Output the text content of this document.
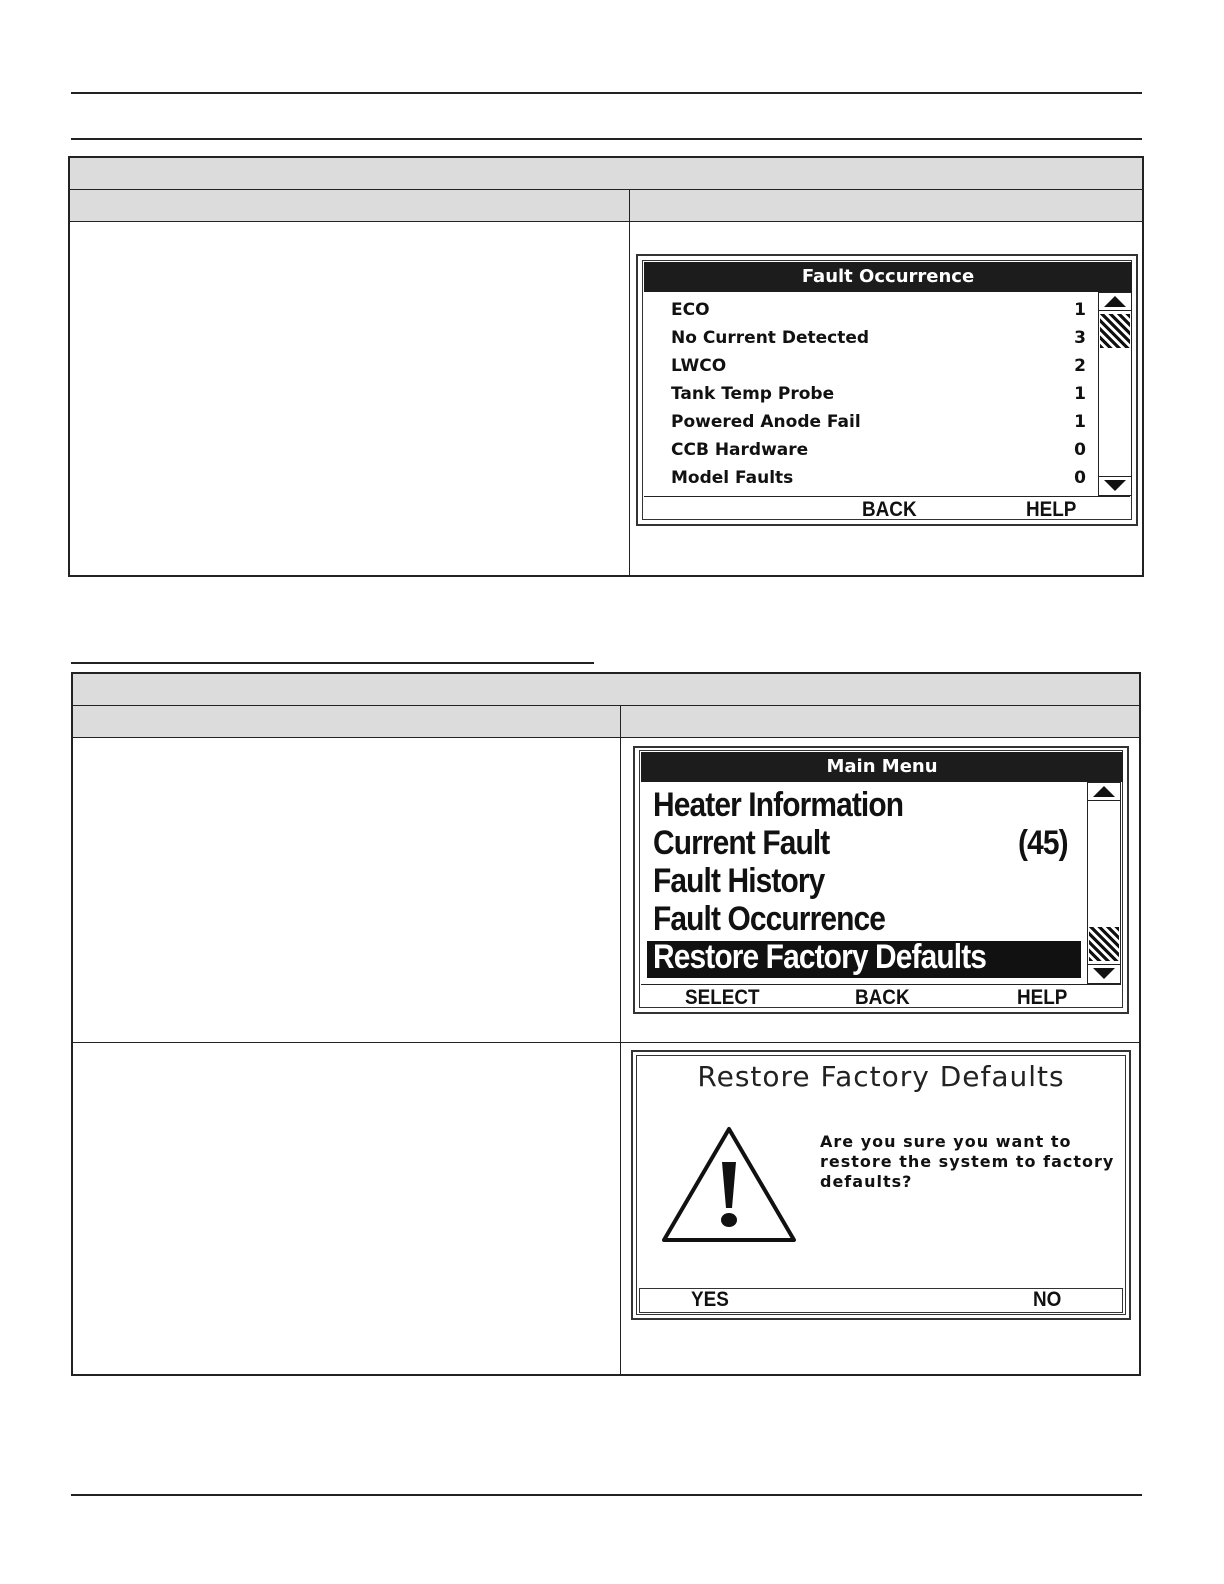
Fault Occurrence
ECO	1
No Current Detected	3
LWCO	2
Tank Temp Probe	1
Powered Anode Fail	1
CCB Hardware	0
Model Faults	0
BACK	HELP
Main Menu
Heater Information
Current Fault	(45)
Fault History
Fault Occurrence
Restore Factory Defaults
SELECT	BACK	HELP
Restore Factory Defaults
Are you sure you want to
restore the system to factory
defaults?
YES	NO
